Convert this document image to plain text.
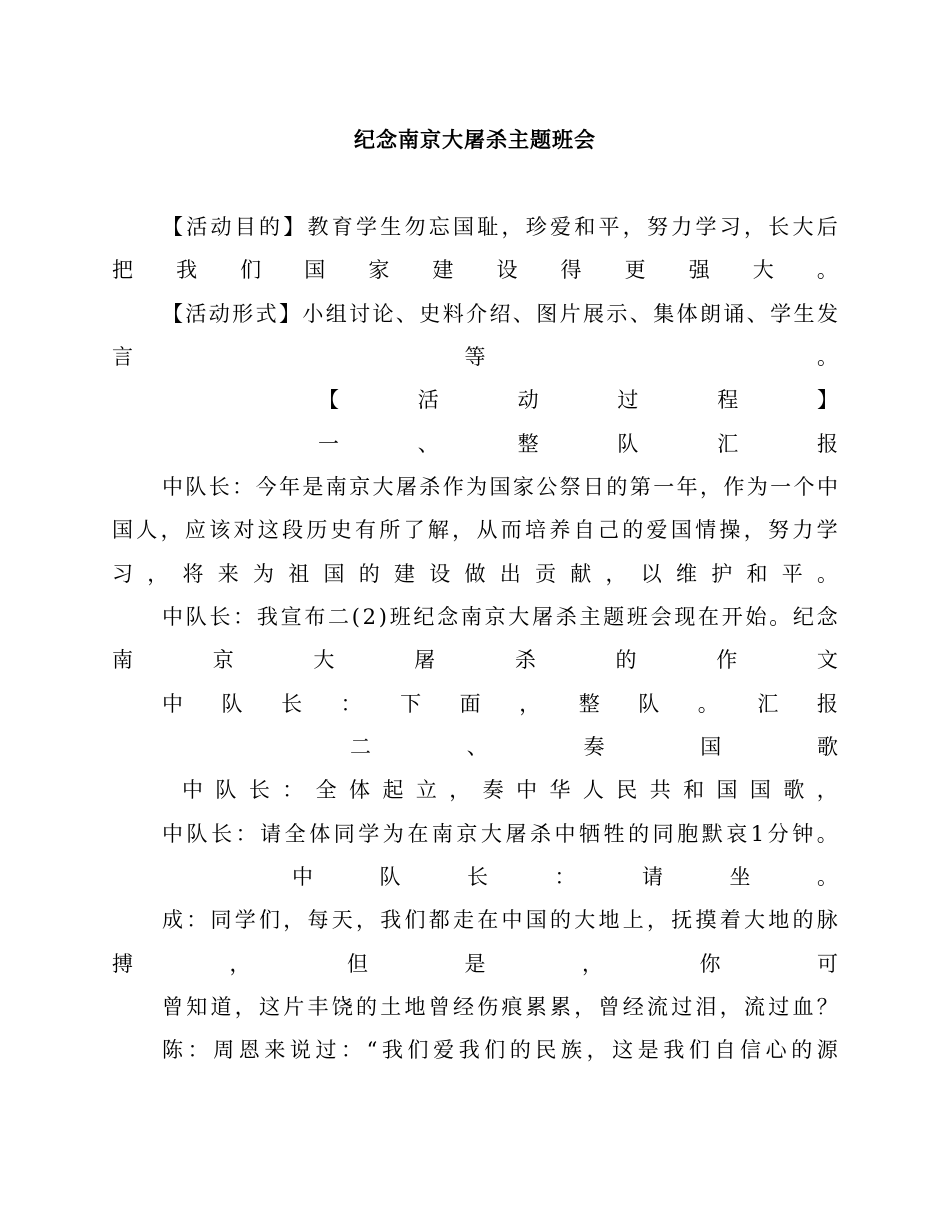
纪念南京大屠杀主题班会
【 活 动 目 的 】 教 育 学 生 勿 忘 国 耻 ， 珍 爱 和 平 ， 努 力 学 习 ， 长 大 后
把 我 们 国 家 建 设 得 更 强 大 。
【 活 动 形 式 】 小 组 讨 论 、 史 料 介 绍 、 图 片 展 示 、 集 体 朗 诵 、 学 生 发
言	等	。
【	活	动	过	程	】
一	、	整	队	汇	报
中 队 长 ： 今 年 是 南 京 大 屠 杀 作 为 国 家 公 祭 日 的 第 一 年 ， 作 为 一 个 中
国 人 ， 应 该 对 这 段 历 史 有 所 了 解 ， 从 而 培 养 自 己 的 爱 国 情 操 ， 努 力 学
习 ， 将 来 为 祖 国 的 建 设 做 出 贡 献 ， 以 维 护 和 平 。
中 队 长 ： 我 宣 布 二 ( 2 ) 班 纪 念 南 京 大 屠 杀 主 题 班 会 现 在 开 始 。 纪 念
南	京	大	屠	杀	的	作	文
中 队 长 ： 下 面 ， 整 队 。 汇 报
二	、	奏	国	歌
中 队 长 ： 全 体 起 立 ， 奏 中 华 人 民 共 和 国 国 歌 ，
中 队 长 ： 请 全 体 同 学 为 在 南 京 大 屠 杀 中 牺 牲 的 同 胞 默 哀 1 分 钟 。
中	队	长	：	请	坐	。
成 ： 同 学 们 ， 每 天 ， 我 们 都 走 在 中 国 的 大 地 上 ， 抚 摸 着 大 地 的 脉
搏	，	但	是	，	你	可
曾 知 道 ， 这 片 丰 饶 的 土 地 曾 经 伤 痕 累 累 ， 曾 经 流 过 泪 ， 流 过 血 ？
陈 ： 周 恩 来 说 过 ： “ 我 们 爱 我 们 的 民 族 ， 这 是 我 们 自 信 心 的 源
